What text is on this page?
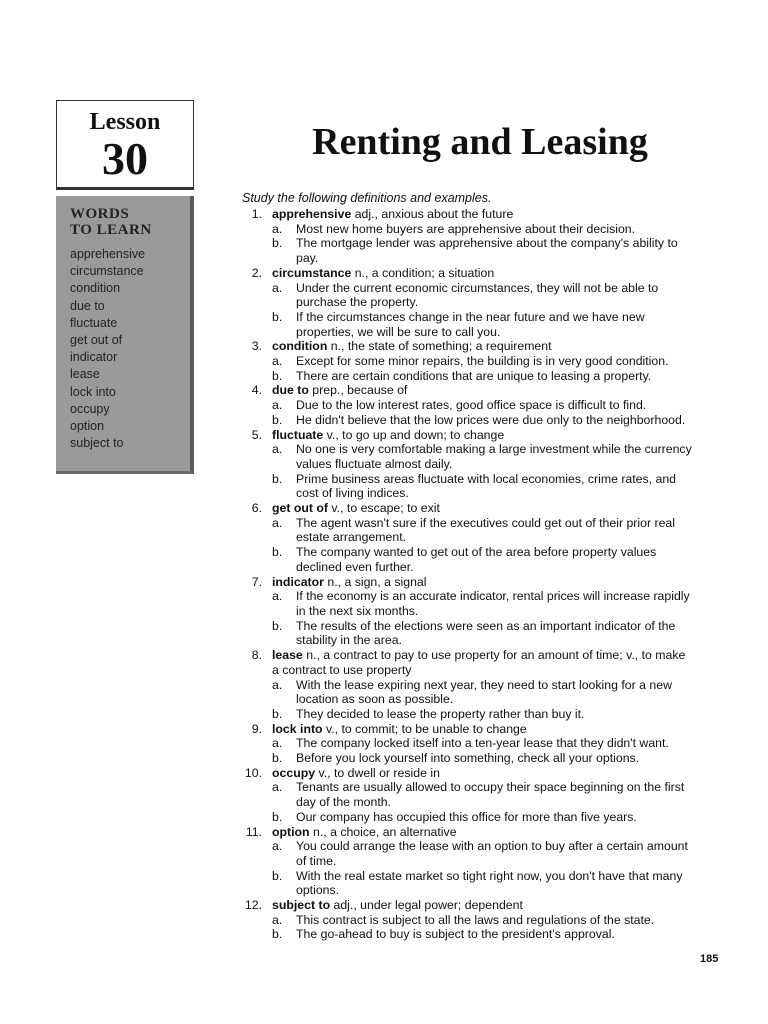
Lesson
30
WORDS
TO LEARN
apprehensive
circumstance
condition
due to
fluctuate
get out of
indicator
lease
lock into
occupy
option
subject to
Renting and Leasing
Study the following definitions and examples.
1. apprehensive adj., anxious about the future
a. Most new home buyers are apprehensive about their decision.
b. The mortgage lender was apprehensive about the company's ability to
pay.
2. circumstance n., a condition; a situation
a. Under the current economic circumstances, they will not be able to
purchase the property.
b. If the circumstances change in the near future and we have new
properties, we will be sure to call you.
3. condition n., the state of something; a requirement
a. Except for some minor repairs, the building is in very good condition.
b. There are certain conditions that are unique to leasing a property.
4. due to prep., because of
a. Due to the low interest rates, good office space is difficult to find.
b. He didn't believe that the low prices were due only to the neighborhood.
5. fluctuate v., to go up and down; to change
a. No one is very comfortable making a large investment while the currency
values fluctuate almost daily.
b. Prime business areas fluctuate with local economies, crime rates, and
cost of living indices.
6. get out of v., to escape; to exit
a. The agent wasn't sure if the executives could get out of their prior real
estate arrangement.
b. The company wanted to get out of the area before property values
declined even further.
7. indicator n., a sign, a signal
a. If the economy is an accurate indicator, rental prices will increase rapidly
in the next six months.
b. The results of the elections were seen as an important indicator of the
stability in the area.
8. lease n., a contract to pay to use property for an amount of time; v., to make
a contract to use property
a. With the lease expiring next year, they need to start looking for a new
location as soon as possible.
b. They decided to lease the property rather than buy it.
9. lock into v., to commit; to be unable to change
a. The company locked itself into a ten-year lease that they didn't want.
b. Before you lock yourself into something, check all your options.
10. occupy v., to dwell or reside in
a. Tenants are usually allowed to occupy their space beginning on the first
day of the month.
b. Our company has occupied this office for more than five years.
11. option n., a choice, an alternative
a. You could arrange the lease with an option to buy after a certain amount
of time.
b. With the real estate market so tight right now, you don't have that many
options.
12. subject to adj., under legal power; dependent
a. This contract is subject to all the laws and regulations of the state.
b. The go-ahead to buy is subject to the president's approval.
185
